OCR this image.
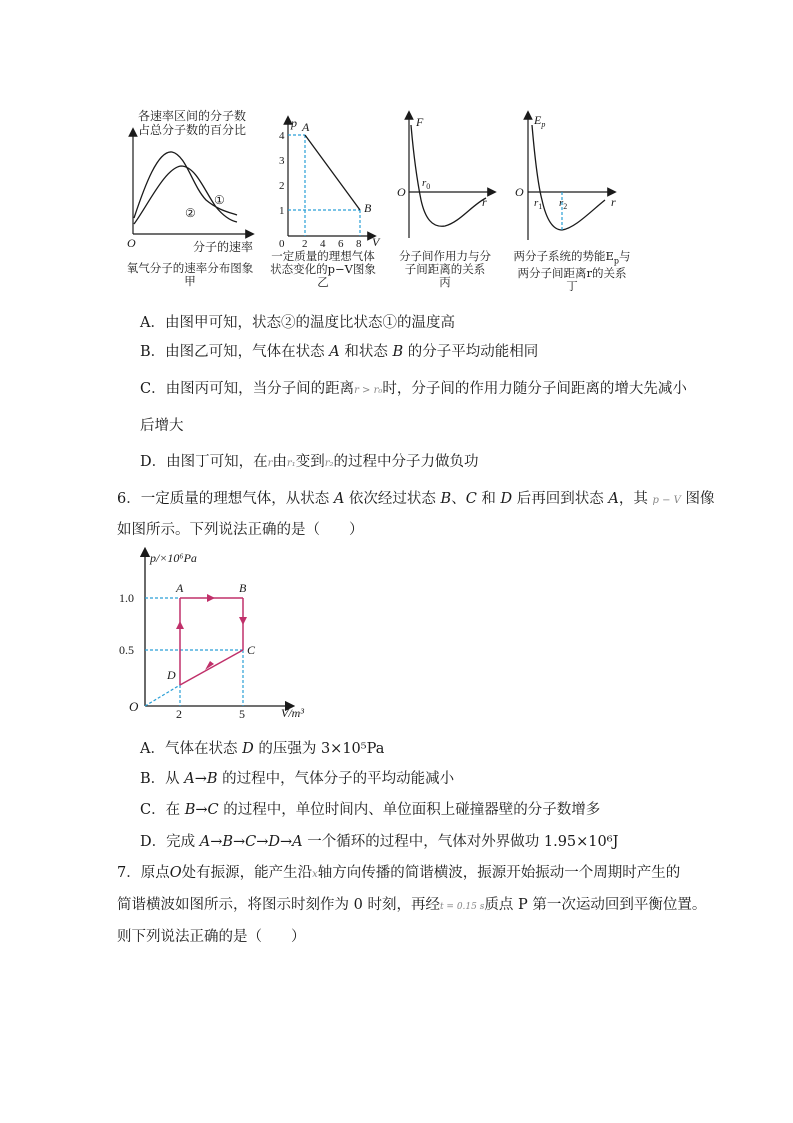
各速率区间的分子数
占总分子数的百分比
O	分子的速率
①
②
p
V
0
4
3
2
1
2 4 6 8
A
B
F
O
$r_0$
r
$E_p$
O
$r_1$ $r_2$	r
p/×10⁶Pa
V/m³
O
1.0
0.5
2	5
A	B
C
D
氧气分子的速率分布图象
甲
一定质量的理想气体
状态变化的p−V图象
乙
分子间作用力与分
子间距离的关系
丙
两分子系统的势能$E_p$与
两分子间距离r的关系
丁
A．由图甲可知，状态②的温度比状态①的温度高
B．由图乙可知，气体在状态 A 和状态 B 的分子平均动能相同
C．由图丙可知，当分子间的距离r > r₀时，分子间的作用力随分子间距离的增大先减小
后增大
D．由图丁可知，在r由r₁变到r₂的过程中分子力做负功
6．一定质量的理想气体，从状态 A 依次经过状态 B、C 和 D 后再回到状态 A，其 p − V 图像
如图所示。下列说法正确的是（　　）
A．气体在状态 D 的压强为 3×10⁵Pa
B．从 A→B 的过程中，气体分子的平均动能减小
C．在 B→C 的过程中，单位时间内、单位面积上碰撞器壁的分子数增多
D．完成 A→B→C→D→A 一个循环的过程中，气体对外界做功 1.95×10⁶J
7．原点O处有振源，能产生沿x轴方向传播的简谐横波，振源开始振动一个周期时产生的
简谐横波如图所示，将图示时刻作为 0 时刻，再经t = 0.15 s质点 P 第一次运动回到平衡位置。
则下列说法正确的是（　　）
